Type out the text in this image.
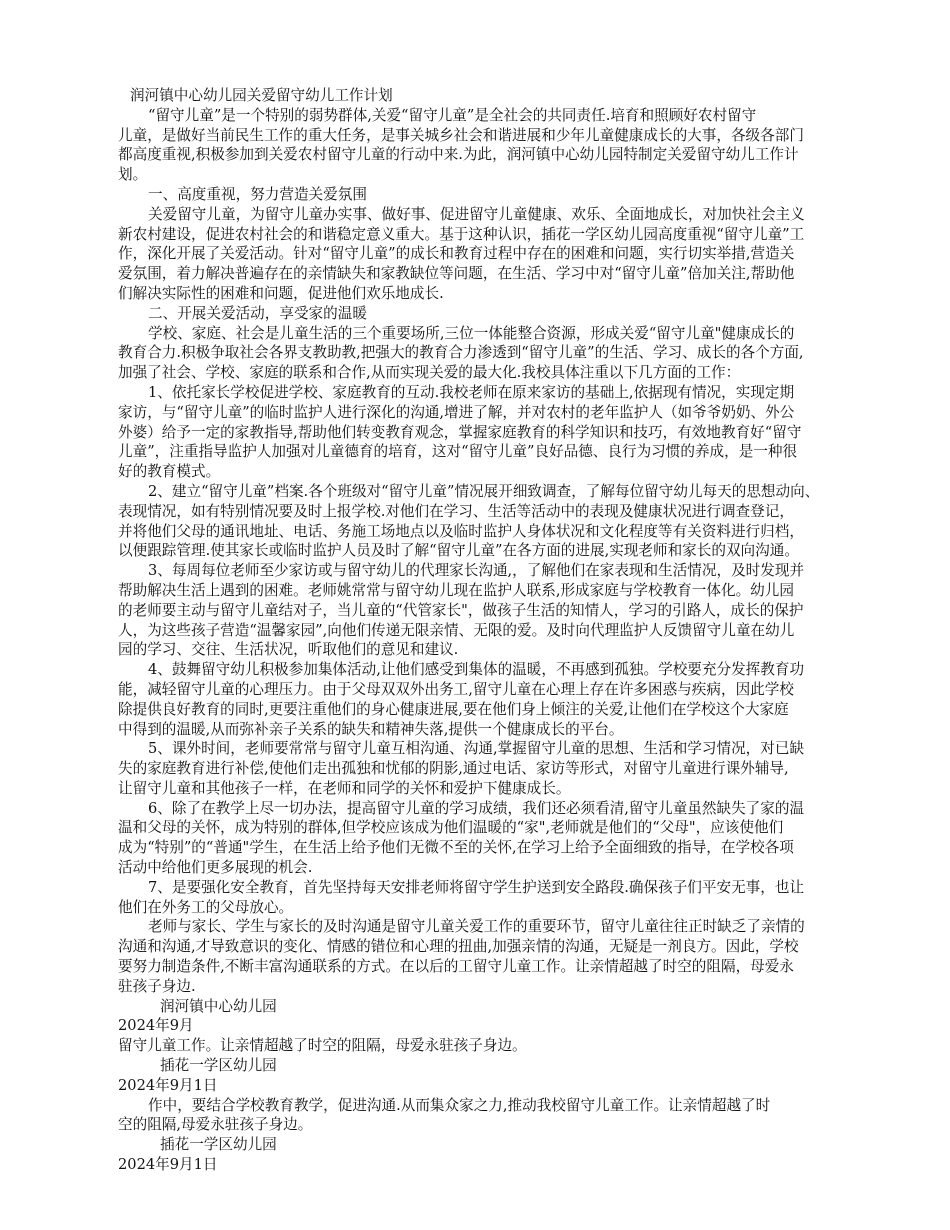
润河镇中心幼儿园关爱留守幼儿工作计划
“留守儿童”是一个特别的弱势群体,关爱“留守儿童”是全社会的共同责任.培育和照顾好农村留守
儿童，是做好当前民生工作的重大任务，是事关城乡社会和谐进展和少年儿童健康成长的大事，各级各部门
都高度重视,积极参加到关爱农村留守儿童的行动中来.为此，润河镇中心幼儿园特制定关爱留守幼儿工作计
划。
一、高度重视，努力营造关爱氛围
关爱留守儿童，为留守儿童办实事、做好事、促进留守儿童健康、欢乐、全面地成长，对加快社会主义
新农村建设，促进农村社会的和谐稳定意义重大。基于这种认识，插花一学区幼儿园高度重视“留守儿童”工
作，深化开展了关爱活动。针对“留守儿童”的成长和教育过程中存在的困难和问题，实行切实举措,营造关
爱氛围，着力解决普遍存在的亲情缺失和家教缺位等问题，在生活、学习中对“留守儿童”倍加关注,帮助他
们解决实际性的困难和问题，促进他们欢乐地成长.
二、开展关爱活动，享受家的温暖
学校、家庭、社会是儿童生活的三个重要场所,三位一体能整合资源，形成关爱“留守儿童"健康成长的
教育合力.积极争取社会各界支教助教,把强大的教育合力渗透到“留守儿童”的生活、学习、成长的各个方面,
加强了社会、学校、家庭的联系和合作,从而实现关爱的最大化.我校具体注重以下几方面的工作：
1、依托家长学校促进学校、家庭教育的互动.我校老师在原来家访的基础上,依据现有情况，实现定期
家访，与“留守儿童”的临时监护人进行深化的沟通,增进了解，并对农村的老年监护人（如爷爷奶奶、外公
外婆）给予一定的家教指导,帮助他们转变教育观念，掌握家庭教育的科学知识和技巧，有效地教育好“留守
儿童”，注重指导监护人加强对儿童德育的培育，这对“留守儿童”良好品德、良行为习惯的养成，是一种很
好的教育模式。
2、建立“留守儿童”档案.各个班级对“留守儿童”情况展开细致调查，了解每位留守幼儿每天的思想动向、
表现情况，如有特别情况要及时上报学校.对他们在学习、生活等活动中的表现及健康状况进行调查登记，
并将他们父母的通讯地址、电话、务施工场地点以及临时监护人身体状况和文化程度等有关资料进行归档，
以便跟踪管理.使其家长或临时监护人员及时了解“留守儿童”在各方面的进展,实现老师和家长的双向沟通。
3、每周每位老师至少家访或与留守幼儿的代理家长沟通,，了解他们在家表现和生活情况，及时发现并
帮助解决生活上遇到的困难。老师姚常常与留守幼儿现在监护人联系,形成家庭与学校教育一体化。幼儿园
的老师要主动与留守儿童结对子，当儿童的“代管家长"，做孩子生活的知情人，学习的引路人，成长的保护
人，为这些孩子营造“温馨家园”,向他们传递无限亲情、无限的爱。及时向代理监护人反馈留守儿童在幼儿
园的学习、交往、生活状况，听取他们的意见和建议.
4、鼓舞留守幼儿积极参加集体活动,让他们感受到集体的温暖，不再感到孤独。学校要充分发挥教育功
能，减轻留守儿童的心理压力。由于父母双双外出务工,留守儿童在心理上存在许多困惑与疾病，因此学校
除提供良好教育的同时,更要注重他们的身心健康进展,要在他们身上倾注的关爱,让他们在学校这个大家庭
中得到的温暖,从而弥补亲子关系的缺失和精神失落,提供一个健康成长的平台。
5、课外时间，老师要常常与留守儿童互相沟通、沟通,掌握留守儿童的思想、生活和学习情况，对已缺
失的家庭教育进行补偿,使他们走出孤独和忧郁的阴影,通过电话、家访等形式，对留守儿童进行课外辅导,
让留守儿童和其他孩子一样，在老师和同学的关怀和爱护下健康成长。
6、除了在教学上尽一切办法，提高留守儿童的学习成绩，我们还必须看清,留守儿童虽然缺失了家的温
温和父母的关怀，成为特别的群体,但学校应该成为他们温暖的“家",老师就是他们的“父母"，应该使他们
成为“特别”的“普通"学生，在生活上给予他们无微不至的关怀,在学习上给予全面细致的指导，在学校各项
活动中给他们更多展现的机会.
7、是要强化安全教育，首先坚持每天安排老师将留守学生护送到安全路段.确保孩子们平安无事，也让
他们在外务工的父母放心。
老师与家长、学生与家长的及时沟通是留守儿童关爱工作的重要环节，留守儿童往往正时缺乏了亲情的
沟通和沟通,才导致意识的变化、情感的错位和心理的扭曲,加强亲情的沟通，无疑是一剂良方。因此，学校
要努力制造条件,不断丰富沟通联系的方式。在以后的工留守儿童工作。让亲情超越了时空的阻隔，母爱永
驻孩子身边.
润河镇中心幼儿园
2024年9月
留守儿童工作。让亲情超越了时空的阻隔，母爱永驻孩子身边。
插花一学区幼儿园
2024年9月1日
作中，要结合学校教育教学，促进沟通.从而集众家之力,推动我校留守儿童工作。让亲情超越了时
空的阻隔,母爱永驻孩子身边。
插花一学区幼儿园
2024年9月1日
